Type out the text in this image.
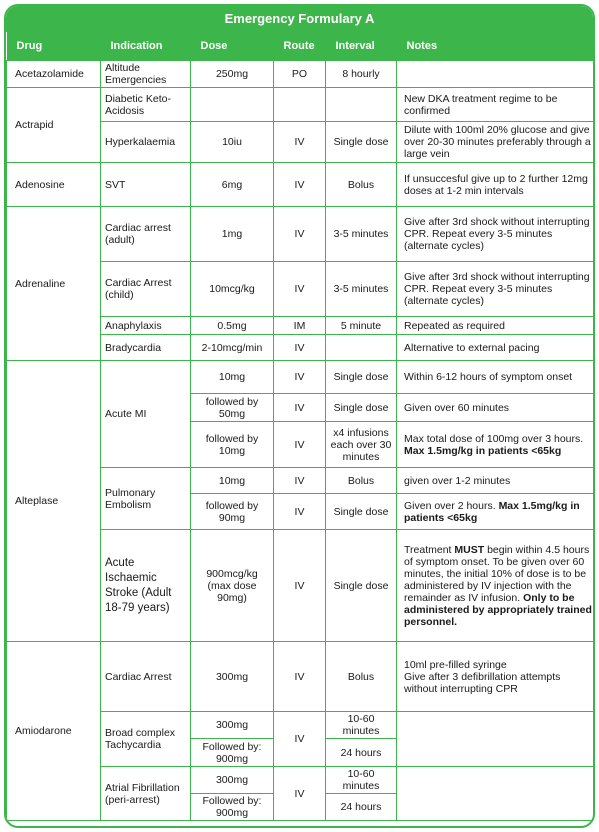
Emergency Formulary A
Drug	Indication	Dose	Route	Interval	Notes
Acetazolamide	Altitude Emergencies	250mg	PO	8 hourly	
Actrapid	Diabetic Keto-Acidosis				New DKA treatment regime to be confirmed
	Hyperkalaemia	10iu	IV	Single dose	Dilute with 100ml 20% glucose and give over 20-30 minutes preferably through a large vein
Adenosine	SVT	6mg	IV	Bolus	If unsuccesful give up to 2 further 12mg doses at 1-2 min intervals
Adrenaline	Cardiac arrest (adult)	1mg	IV	3-5 minutes	Give after 3rd shock without interrupting CPR. Repeat every 3-5 minutes (alternate cycles)
	Cardiac Arrest (child)	10mcg/kg	IV	3-5 minutes	Give after 3rd shock without interrupting CPR. Repeat every 3-5 minutes (alternate cycles)
	Anaphylaxis	0.5mg	IM	5 minute	Repeated as required
	Bradycardia	2-10mcg/min	IV		Alternative to external pacing
Alteplase	Acute MI	10mg	IV	Single dose	Within 6-12 hours of symptom onset
		followed by 50mg	IV	Single dose	Given over 60 minutes
		followed by 10mg	IV	x4 infusions each over 30 minutes	Max total dose of 100mg over 3 hours. Max 1.5mg/kg in patients <65kg
	Pulmonary Embolism	10mg	IV	Bolus	given over 1-2 minutes
		followed by 90mg	IV	Single dose	Given over 2 hours. Max 1.5mg/kg in patients <65kg
	Acute Ischaemic Stroke (Adult 18-79 years)	900mcg/kg (max dose 90mg)	IV	Single dose	Treatment MUST begin within 4.5 hours of symptom onset. To be given over 60 minutes, the initial 10% of dose is to be administered by IV injection with the remainder as IV infusion. Only to be administered by appropriately trained personnel.
Amiodarone	Cardiac Arrest	300mg	IV	Bolus	10ml pre-filled syringe
Give after 3 defibrillation attempts without interrupting CPR

	Broad complex Tachycardia	300mg	IV	10-60 minutes	
		Followed by: 900mg		24 hours	
	Atrial Fibrillation (peri-arrest)	300mg	IV	10-60 minutes	
		Followed by: 900mg		24 hours	
